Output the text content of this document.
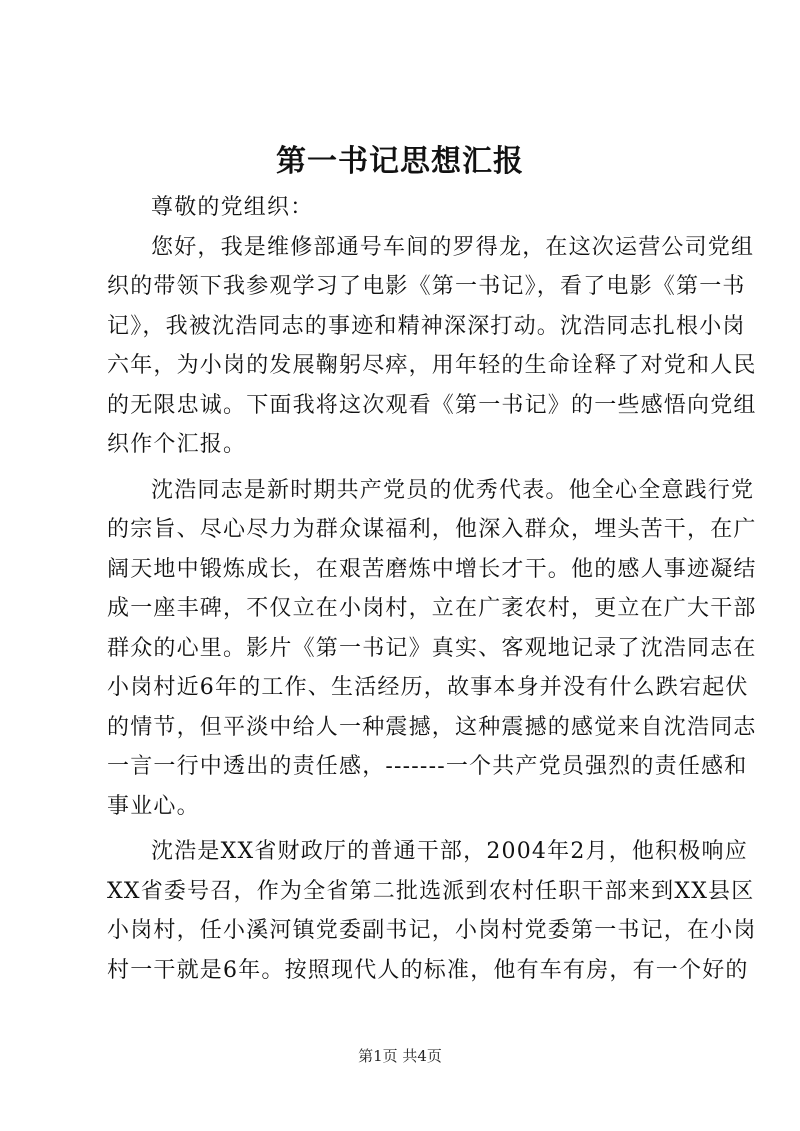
第一书记思想汇报
尊敬的党组织：
您好，我是维修部通号车间的罗得龙，在这次运营公司党组
织的带领下我参观学习了电影《第一书记》，看了电影《第一书
记》，我被沈浩同志的事迹和精神深深打动。沈浩同志扎根小岗
六年，为小岗的发展鞠躬尽瘁，用年轻的生命诠释了对党和人民
的无限忠诚。下面我将这次观看《第一书记》的一些感悟向党组
织作个汇报。
沈浩同志是新时期共产党员的优秀代表。他全心全意践行党
的宗旨、尽心尽力为群众谋福利，他深入群众，埋头苦干，在广
阔天地中锻炼成长，在艰苦磨炼中增长才干。他的感人事迹凝结
成一座丰碑，不仅立在小岗村，立在广袤农村，更立在广大干部
群众的心里。影片《第一书记》真实、客观地记录了沈浩同志在
小岗村近6年的工作、生活经历，故事本身并没有什么跌宕起伏
的情节，但平淡中给人一种震撼，这种震撼的感觉来自沈浩同志
一言一行中透出的责任感，-------一个共产党员强烈的责任感和
事业心。
沈浩是XX省财政厅的普通干部，2004年2月，他积极响应
XX省委号召，作为全省第二批选派到农村任职干部来到XX县区
小岗村，任小溪河镇党委副书记，小岗村党委第一书记，在小岗
村一干就是6年。按照现代人的标准，他有车有房，有一个好的
第1页 共4页
